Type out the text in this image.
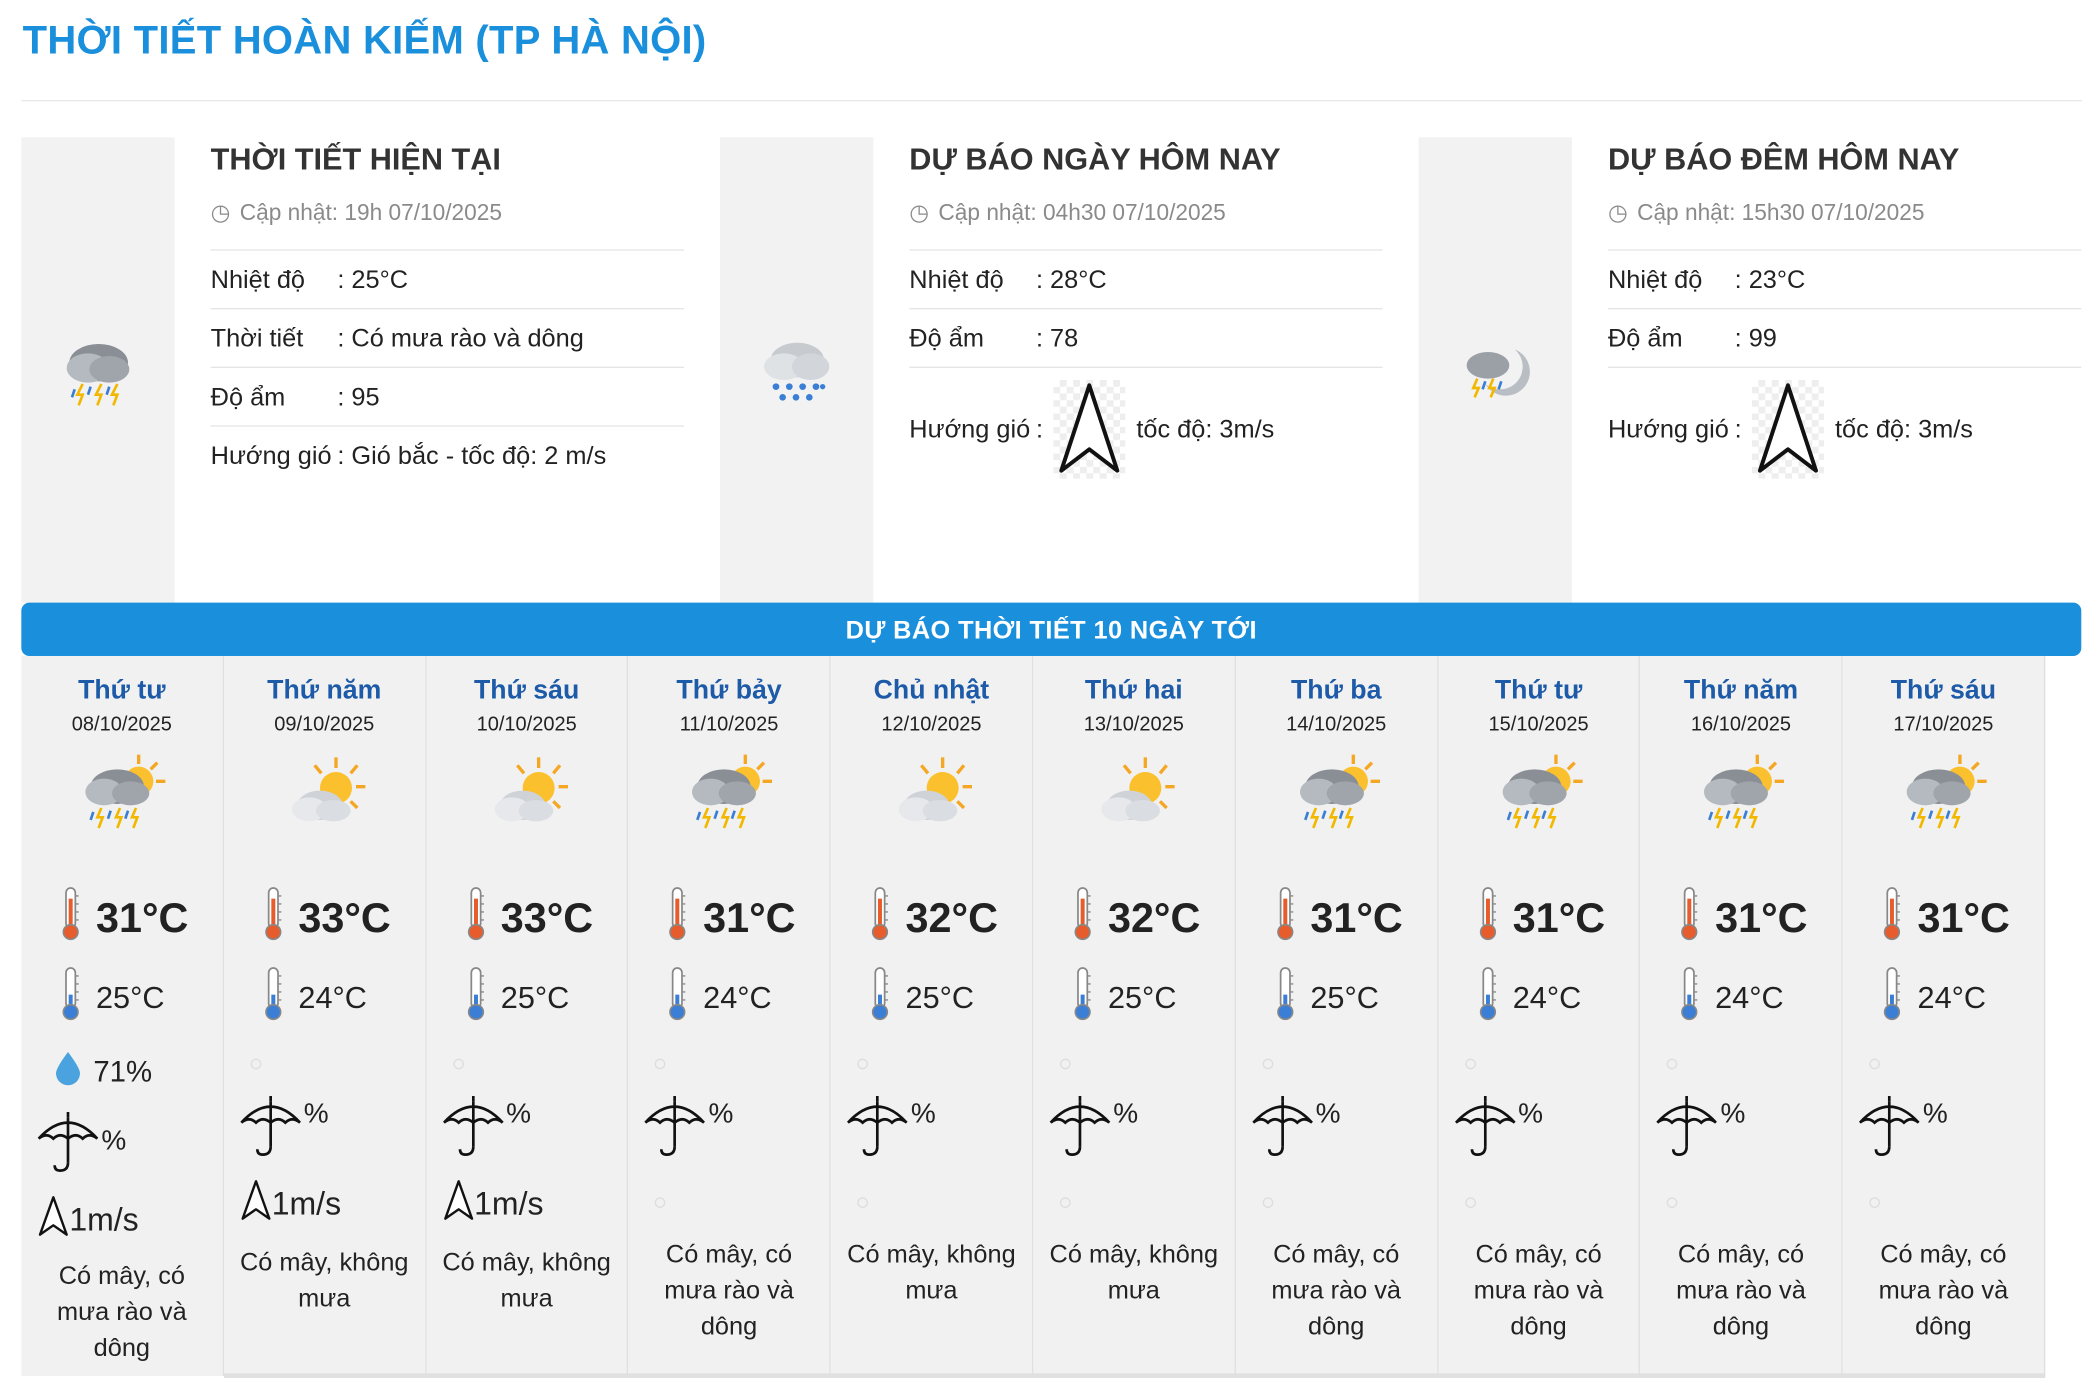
THỜI TIẾT HOÀN KIẾM (TP HÀ NỘI)
THỜI TIẾT HIỆN TẠI
◷ Cập nhật: 19h 07/10/2025
Nhiệt độ	: 25°C
Thời tiết	: Có mưa rào và dông
Độ ẩm	: 95
Hướng gió : Gió bắc - tốc độ: 2 m/s
DỰ BÁO NGÀY HÔM NAY
◷ Cập nhật: 04h30 07/10/2025
Nhiệt độ	: 28°C
Độ ẩm	: 78
Hướng gió :	tốc độ: 3m/s
DỰ BÁO ĐÊM HÔM NAY
◷ Cập nhật: 15h30 07/10/2025
Nhiệt độ	: 23°C
Độ ẩm	: 99
Hướng gió :	tốc độ: 3m/s
DỰ BÁO THỜI TIẾT 10 NGÀY TỚI
Thứ tư
08/10/2025
31°C
25°C
71%
%
1m/s
Có mây, có mưa rào và dông
Thứ năm
09/10/2025
33°C
24°C
%
1m/s
Có mây, không mưa
Thứ sáu
10/10/2025
33°C
25°C
%
1m/s
Có mây, không mưa
Thứ bảy
11/10/2025
31°C
24°C
%
Có mây, có mưa rào và dông
Chủ nhật
12/10/2025
32°C
25°C
%
Có mây, không mưa
Thứ hai
13/10/2025
32°C
25°C
%
Có mây, không mưa
Thứ ba
14/10/2025
31°C
25°C
%
Có mây, có mưa rào và dông
Thứ tư
15/10/2025
31°C
24°C
%
Có mây, có mưa rào và dông
Thứ năm
16/10/2025
31°C
24°C
%
Có mây, có mưa rào và dông
Thứ sáu
17/10/2025
31°C
24°C
%
Có mây, có mưa rào và dông
